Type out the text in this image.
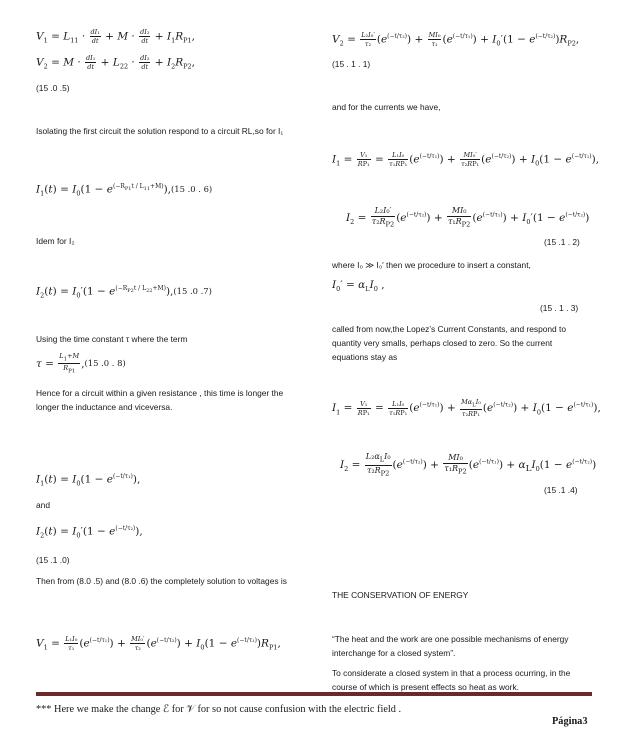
$V_1 = L_{11} \cdot \frac{\text{dI₁}}{dt} + M \cdot \frac{\text{dI₂}}{dt} + I_1R_{P1}$,
$V_2 = M \cdot \frac{\text{dI₁}}{dt} + L_{22} \cdot \frac{\text{dI₂}}{dt} + I_2R_{P2}$,
(15 .0 .5)
Isolating the first circuit the solution respond to a circuit RL,so for I₁
$I_1(t) = I_0(1 - e^{(-R_{P1}t / L_{11}+M)}),(15$ .0 . 6)
Idem for I₂
$I_2(t) = I_0'(1 - e^{(-R_{P2}t / L_{22}+M)}),(15$ .0 .7)
Using the time constant τ where the term
$\tau = \frac{L_1+M}{R_{P1}} ,(15$ .0 . 8)
Hence for a circuit within a given resistance , this time is longer the longer the inductance and viceversa.
$I_1(t) = I_0(1 - e^{(-t/\tau_1)})$,
and
$I_2(t) = I_0'(1 - e^{(-t/\tau_2)})$,
(15 .1 .0)
Then from (8.0 .5) and (8.0 .6) the completely solution to voltages is
$V_1 = \frac{\text{L₁I₀}}{\text{τ₁}} (e^{(-t/\tau_1)}) + \frac{\text{MI₀′}}{\text{τ₂}} (e^{(-t/\tau_2)}) + I_0(1 - e^{(-t/\tau_1)})R_{P1}$,
$V_2 = \frac{\text{L₂I₀′}}{\text{τ₂}} (e^{(-t/\tau_2)}) + \frac{\text{MI₀}}{\text{τ₁}} (e^{(-t/\tau_1)}) + I_0'(1 - e^{(-t/\tau_2)})R_{P2}$,
(15 . 1 . 1)
and for the currents we have,
$I_1 = \frac{\text{V₁}}{\text{RP₁}} = \frac{\text{L₁I₀}}{\text{τ₁RP₁}} (e^{(-t/\tau_1)}) + \frac{\text{MI₀′}}{\text{τ₂RP₁}} (e^{(-t/\tau_2)}) + I_0(1 - e^{(-t/\tau_1)})$,
$I_2 = \frac{\text{L₂I₀′}}{\tau_2R_{P2}} (e^{(-t/\tau_2)}) + \frac{\text{MI₀}}{\tau_1R_{P2}} (e^{(-t/\tau_1)}) + I_0'(1 - e^{(-t/\tau_2)})$
(15 .1 . 2)
where I₀ ≫ I₀′ then we procedure to insert a constant,
$I_0' = \alpha_LI_0$ ,
(15 . 1 . 3)
called from now,the Lopez’s Current Constants, and respond to quantity very smalls, perhaps closed to zero. So the current equations stay as
$I_1 = \frac{\text{V₁}}{\text{RP₁}} = \frac{\text{L₁I₀}}{\text{τ₁RP₁}} (e^{(-t/\tau_1)}) + \frac{M\alpha_LI_0}{\text{τ₂RP₁}} (e^{(-t/\tau_2)}) + I_0(1 - e^{(-t/\tau_1)})$,
$I_2 = \frac{L_2\alpha_LI_0}{\tau_2R_{P2}} (e^{(-t/\tau_2)}) + \frac{\text{MI₀}}{\tau_1R_{P2}} (e^{(-t/\tau_1)}) + \alpha_LI_0(1 - e^{(-t/\tau_2)})$
(15 .1 .4)
THE CONSERVATION OF ENERGY
“The heat and the work are one possible mechanisms of energy interchange for a closed system”.
To considerate a closed system in that a process ocurring, in the course of which is present effects so heat as work.
*** Here we make the change ℰ for 𝒱 for so not cause confusion with the electric field .
Página3
